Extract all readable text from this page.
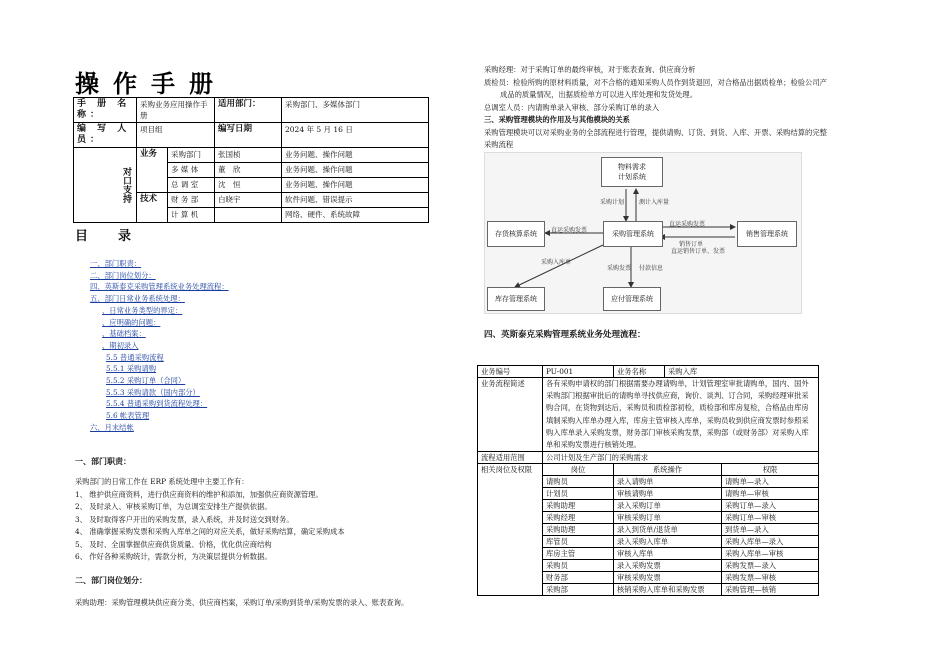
操作手册
手 册 名 称：	采购业务应用操作手册		适用部门：	采购部门、多媒体部门
编 写 人 员：	项目组		编写日期	2024 年 5 月 16 日
对口支持	业务	采购部门	张国桢	业务问题、操作问题
		多 媒 体	董　欣	业务问题、操作问题
		总 调 室	沈　恒	业务问题、操作问题
	技术	财 务 部	白晓宇	软件问题、错误提示
		计 算 机		网络、硬件、系统故障
目录
一、部门职责：
二、部门岗位划分：
四、英斯泰克采购管理系统业务处理流程：
五、部门日常业务系统处理：
、日常业务类型的界定：
、应明确的问题：
、基础档案：
、期初录入
5.5 普通采购流程
5.5.1 采购请购
5.5.2 采购订单（合同）
5.5.3 采购请款（国内部分）
5.5.4 普通采购到货流程处理：
5.6 帐表管理
六、月末结帐
一、部门职责：
采购部门的日常工作在 ERP 系统处理中主要工作有：
1、 维护供应商资料，进行供应商资料的维护和添加，加强供应商资源管理。
2、 及时录入、审核采购订单，为总调室安排生产提供依据。
3、 及时取得客户开出的采购发票，录入系统，并及时送交到财务。
4、 准确掌握采购发票和采购入库单之间的对应关系，做好采购结算，确定采购成本
5、 及时、全面掌握供应商供货质量、价格，优化供应商结构
6、 作好各种采购统计，需款分析，为决策层提供分析数据。
二、部门岗位划分：
采购助理：采购管理模块供应商分类、供应商档案，采购订单/采购到货单/采购发票的录入、账表查询。
采购经理：对于采购订单的最终审核，对于账表查询、供应商分析
质检员：检验所购的原材料质量，对不合格的通知采购人员作到货退回，对合格品出据质检单；检验公司产
成品的质量情况，出据质检单方可以进入库处理和发货处理。
总调室人员：内请购单录入审核、部分采购订单的录入
三、采购管理模块的作用及与其他模块的关系
采购管理模块可以对采购业务的全部流程进行管理，提供请购、订货、到货、入库、开票、采购结算的完整
采购流程
物料需求
计划系统
采购管理系统
存货核算系统	销售管理系统
库存管理系统	应付管理系统
采购计划 测计入库量
直运采购发票
直运采购发票
销售订单
直运销售订单、发票
采购入库单
采购发票 付款信息
四、英斯泰克采购管理系统业务处理流程：
业务编号	PU-001	业务名称	采购入库	
业务流程简述	各有采购申请权的部门根据需要办理请购单，计划管理室审批请购单，国内、国外采购部门根据审批后的请购单寻找供应商，询价、谈判、订合同，采购经理审批采购合同，在货物到达后，采购员和质检部初检，质检部和库房复检，合格品由库房填制采购入库单办理入库，库房主管审核入库单，采购员收到供应商发票时参照采购入库单录入采购发票，财务部门审核采购发票，采购部（或财务部）对采购入库单和采购发票进行核销处理。			
流程适用范围	公司计划及生产部门的采购需求			
相关岗位及权限	岗位	系统操作		权限
	请购员	录入请购单		请购单—录入
	计划员	审核请购单		请购单—审核
	采购助理	录入采购订单		采购订单—录入
	采购经理	审核采购订单		采购订单—审核
	采购助理	录入到货单/退货单		到货单—录入
	库管员	录入采购入库单		采购入库单—录入
	库房主管	审核入库单		采购入库单—审核
	采购员	录入采购发票		采购发票—录入
	财务部	审核采购发票		采购发票—审核
	采购部	核销采购入库单和采购发票		采购管理—核销
